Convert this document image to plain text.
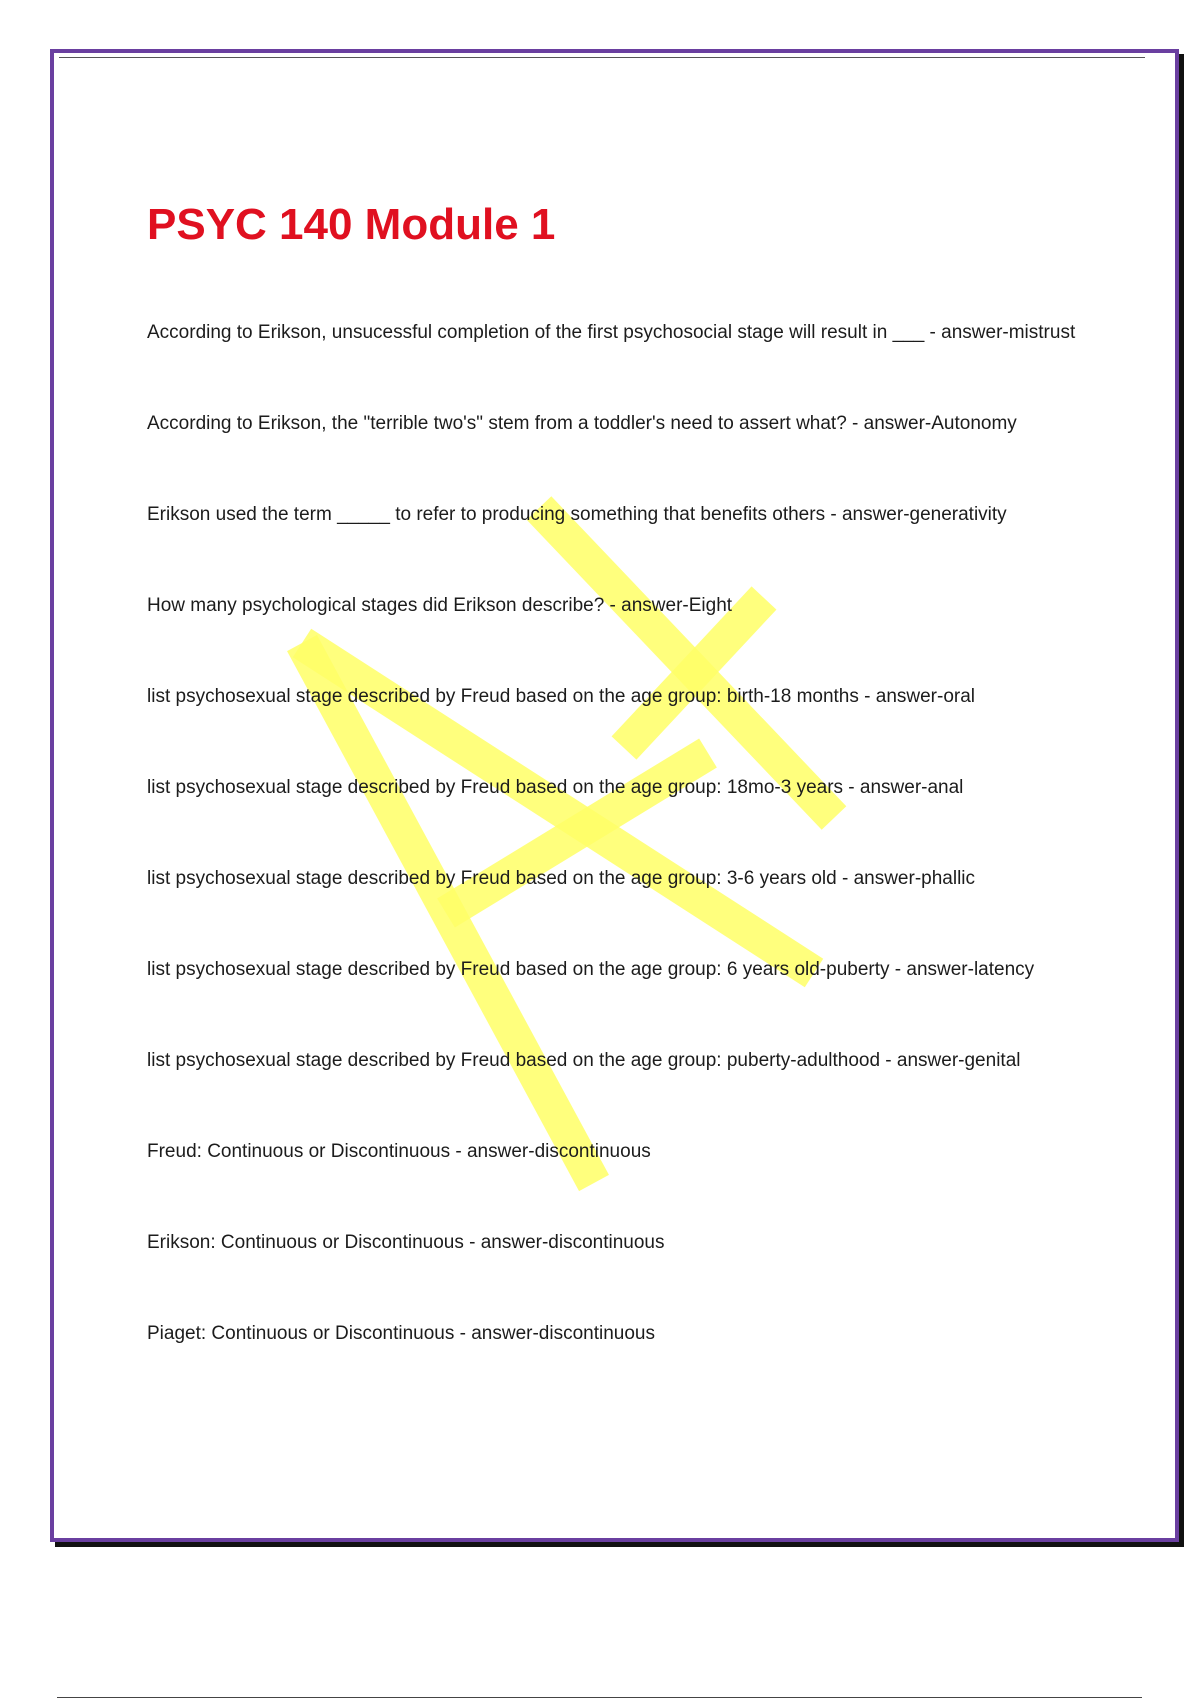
PSYC 140 Module 1
According to Erikson, unsucessful completion of the first psychosocial stage will result in ___ - answer-mistrust
According to Erikson, the "terrible two's" stem from a toddler's need to assert what? - answer-Autonomy
Erikson used the term _____ to refer to producing something that benefits others - answer-generativity
How many psychological stages did Erikson describe? - answer-Eight
list psychosexual stage described by Freud based on the age group: birth-18 months - answer-oral
list psychosexual stage described by Freud based on the age group: 18mo-3 years - answer-anal
list psychosexual stage described by Freud based on the age group: 3-6 years old - answer-phallic
list psychosexual stage described by Freud based on the age group: 6 years old-puberty - answer-latency
list psychosexual stage described by Freud based on the age group: puberty-adulthood - answer-genital
Freud: Continuous or Discontinuous - answer-discontinuous
Erikson: Continuous or Discontinuous - answer-discontinuous
Piaget: Continuous or Discontinuous - answer-discontinuous
